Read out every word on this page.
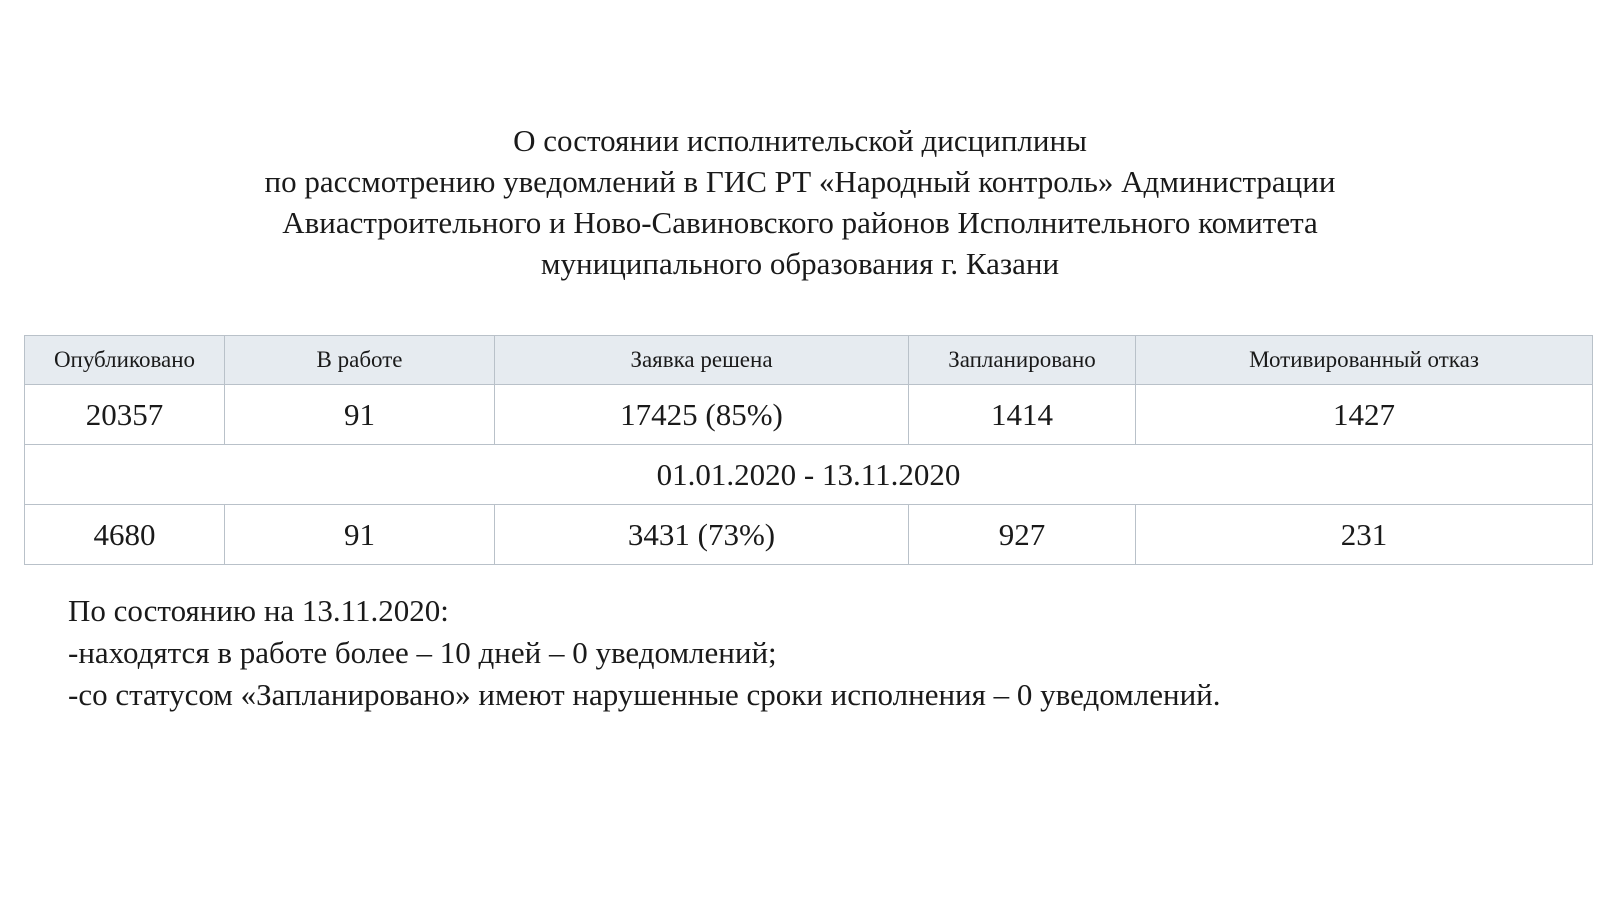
О состоянии исполнительской дисциплины
по рассмотрению уведомлений в ГИС РТ «Народный контроль» Администрации
Авиастроительного и Ново-Савиновского районов Исполнительного комитета
муниципального образования г. Казани
Опубликовано	В работе	Заявка решена	Запланировано	Мотивированный отказ
20357	91	17425 (85%)	1414	1427
01.01.2020 - 13.11.2020				
4680	91	3431 (73%)	927	231
По состоянию на 13.11.2020:
-находятся в работе более – 10 дней – 0 уведомлений;
-со статусом «Запланировано» имеют нарушенные сроки исполнения – 0 уведомлений.
